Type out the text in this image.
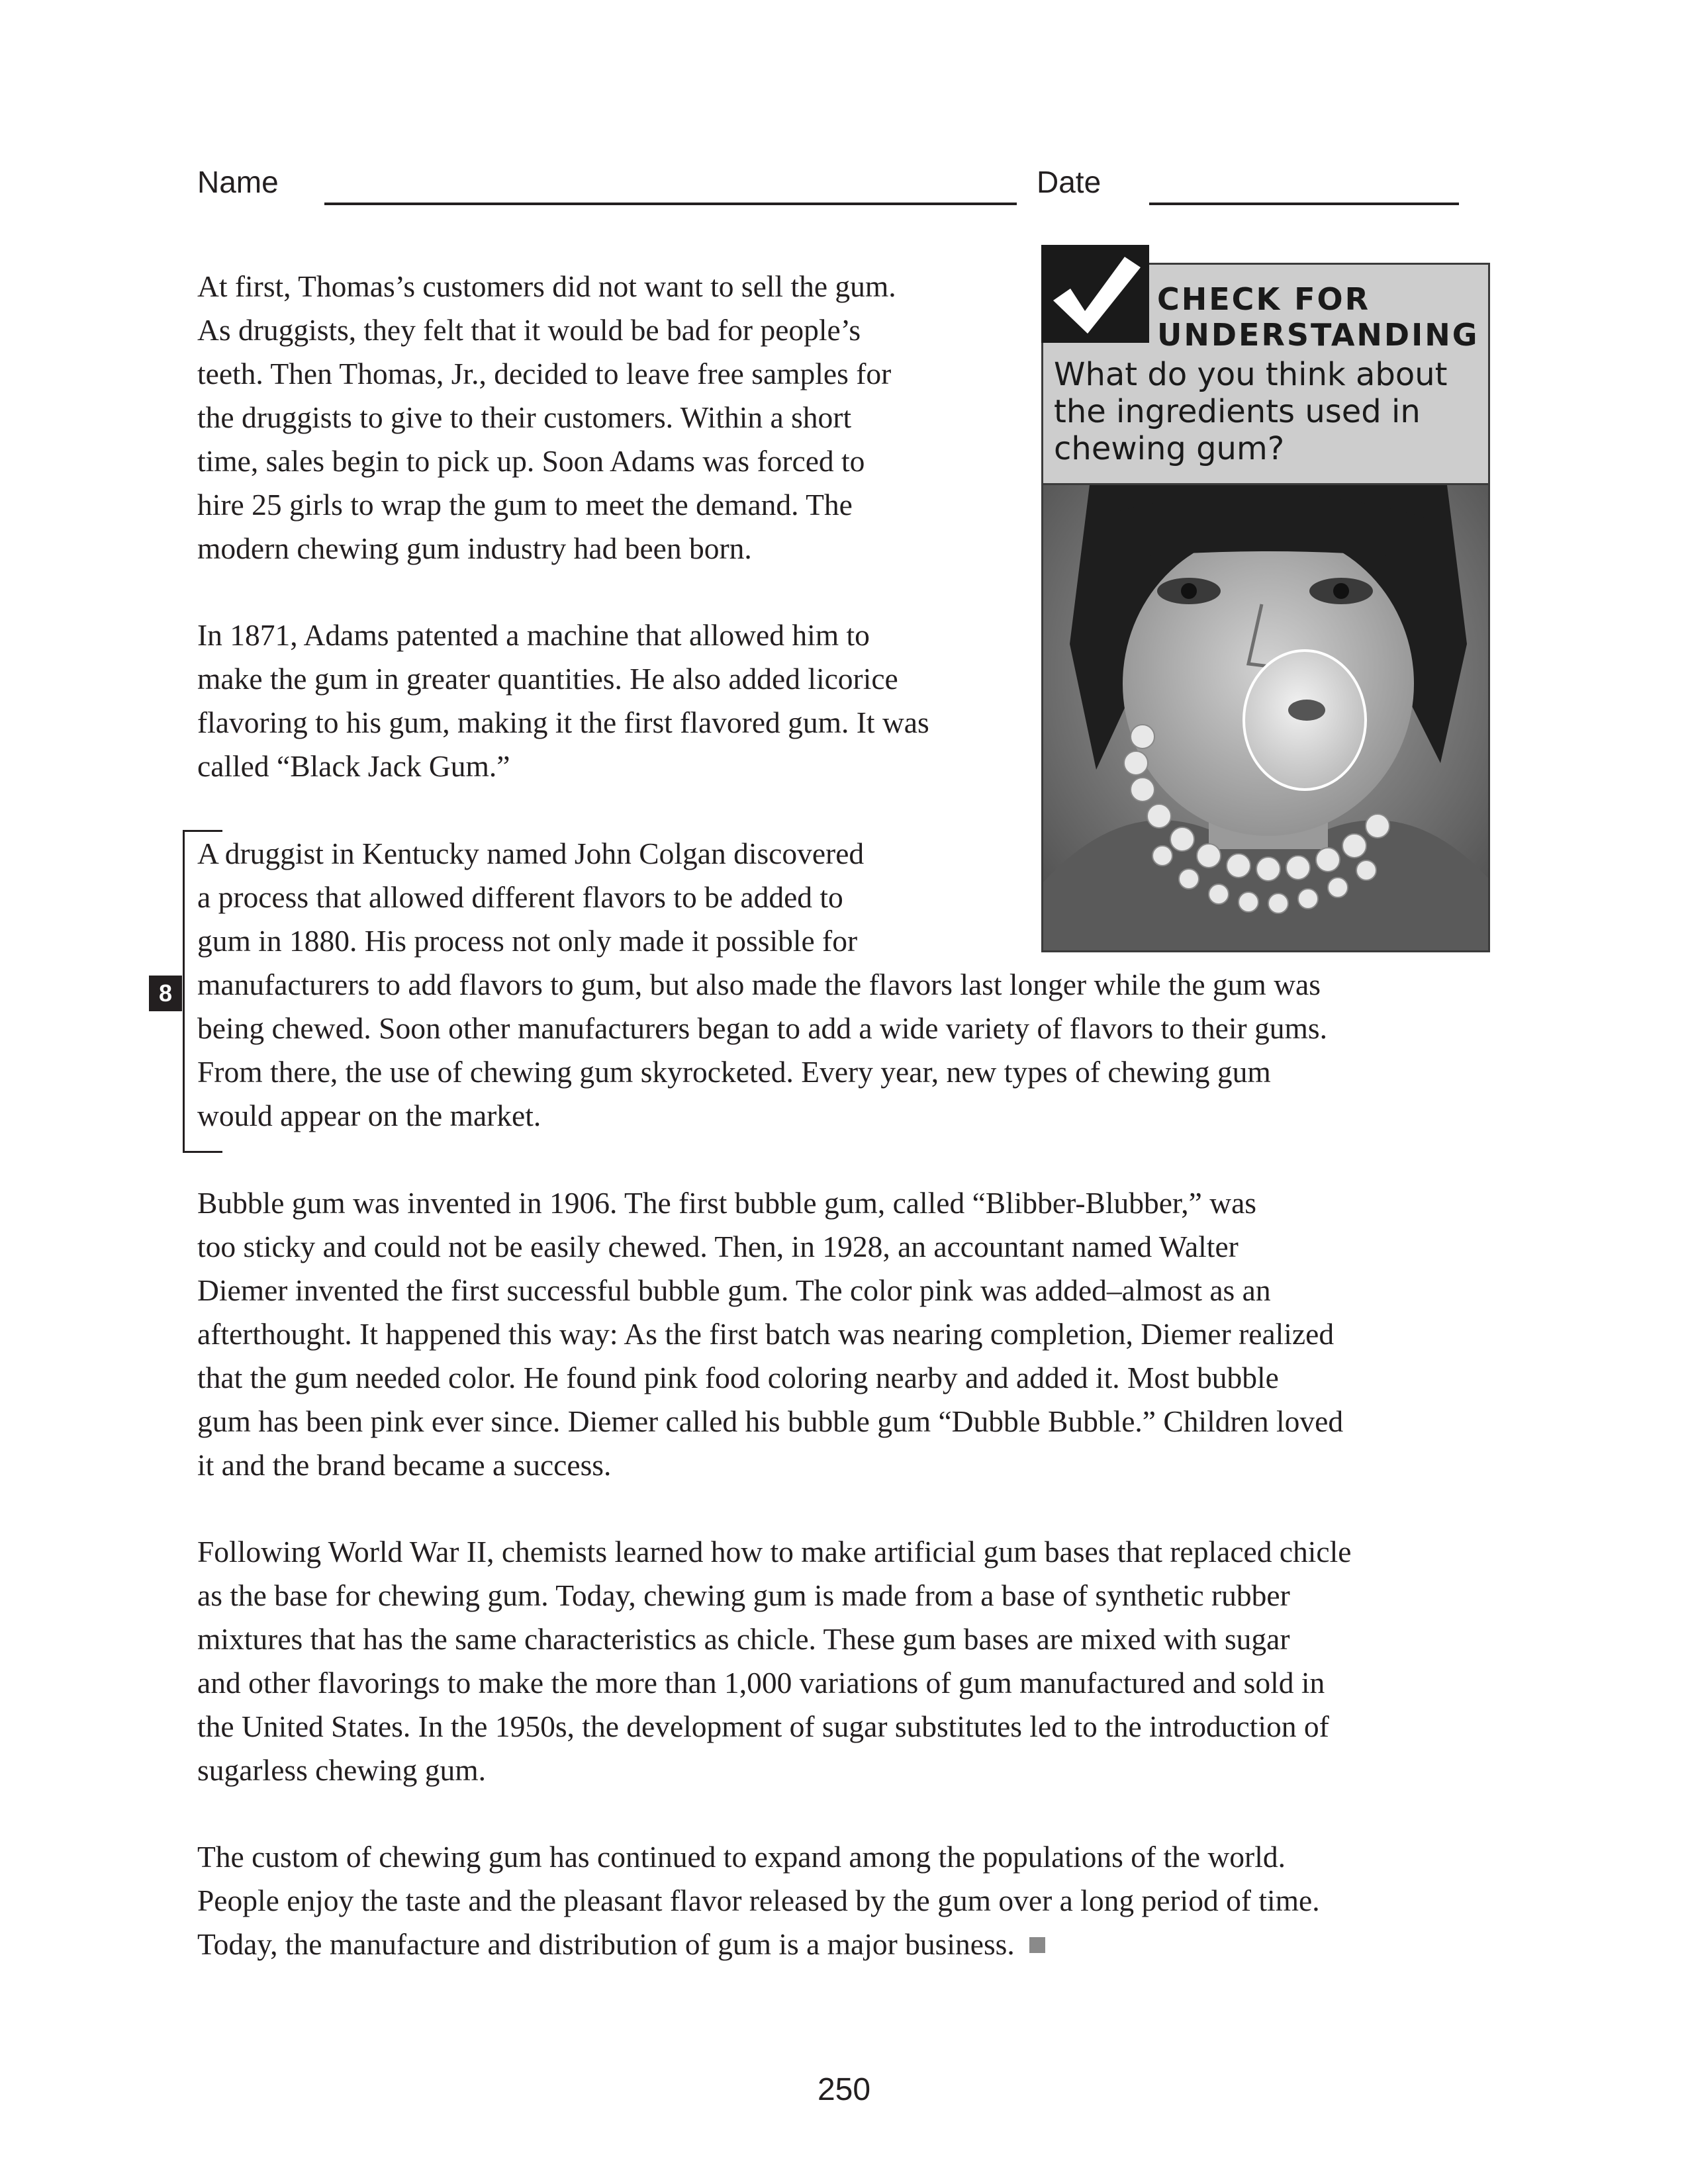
Name	Date
CHECK FOR
UNDERSTANDING
What do you think about
the ingredients used in
chewing gum?

At first, Thomas’s customers did not want to sell the gum.
As druggists, they felt that it would be bad for people’s
teeth. Then Thomas, Jr., decided to leave free samples for
the druggists to give to their customers. Within a short
time, sales begin to pick up. Soon Adams was forced to
hire 25 girls to wrap the gum to meet the demand. The
modern chewing gum industry had been born.

In 1871, Adams patented a machine that allowed him to
make the gum in greater quantities. He also added licorice
flavoring to his gum, making it the first flavored gum. It was
called “Black Jack Gum.”

8

A druggist in Kentucky named John Colgan discovered
a process that allowed different flavors to be added to
gum in 1880. His process not only made it possible for
manufacturers to add flavors to gum, but also made the flavors last longer while the gum was
being chewed. Soon other manufacturers began to add a wide variety of flavors to their gums.
From there, the use of chewing gum skyrocketed. Every year, new types of chewing gum
would appear on the market.

Bubble gum was invented in 1906. The first bubble gum, called “Blibber-Blubber,” was
too sticky and could not be easily chewed. Then, in 1928, an accountant named Walter
Diemer invented the first successful bubble gum. The color pink was added–almost as an
afterthought. It happened this way: As the first batch was nearing completion, Diemer realized
that the gum needed color. He found pink food coloring nearby and added it. Most bubble
gum has been pink ever since. Diemer called his bubble gum “Dubble Bubble.” Children loved
it and the brand became a success.

Following World War II, chemists learned how to make artificial gum bases that replaced chicle
as the base for chewing gum. Today, chewing gum is made from a base of synthetic rubber
mixtures that has the same characteristics as chicle. These gum bases are mixed with sugar
and other flavorings to make the more than 1,000 variations of gum manufactured and sold in
the United States. In the 1950s, the development of sugar substitutes led to the introduction of
sugarless chewing gum.

The custom of chewing gum has continued to expand among the populations of the world.
People enjoy the taste and the pleasant flavor released by the gum over a long period of time.
Today, the manufacture and distribution of gum is a major business.

250
